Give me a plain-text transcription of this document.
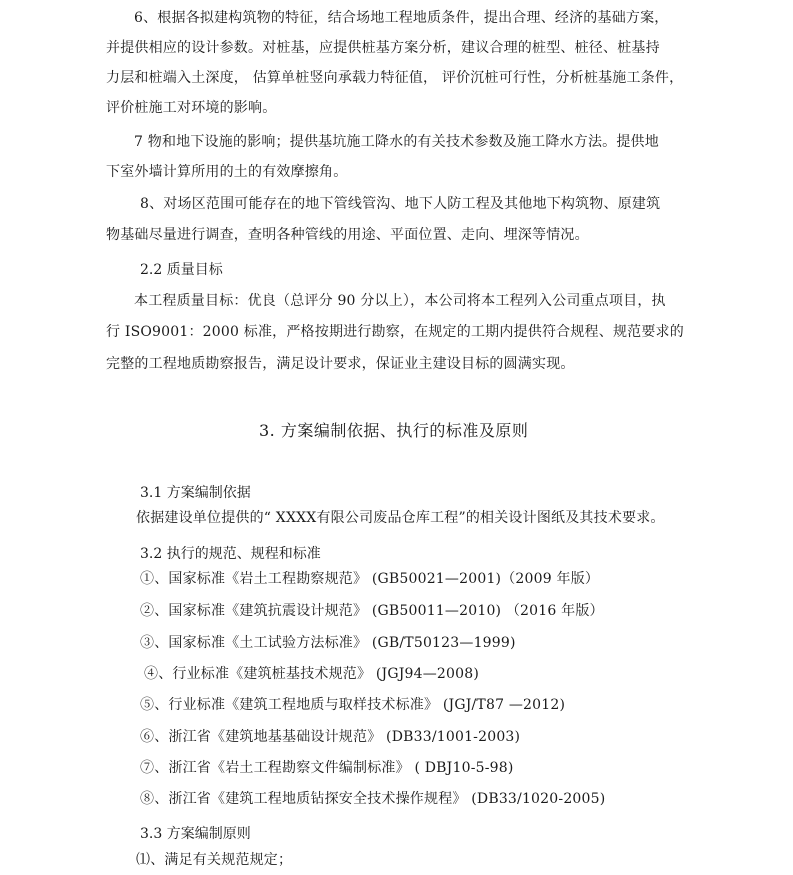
6、根据各拟建构筑物的特征，结合场地工程地质条件，提出合理、经济的基础方案，
并提供相应的设计参数。对桩基，应提供桩基方案分析，建议合理的桩型、桩径、桩基持
力层和桩端入土深度， 估算单桩竖向承载力特征值， 评价沉桩可行性，分析桩基施工条件，
评价桩施工对环境的影响。
7 物和地下设施的影响；提供基坑施工降水的有关技术参数及施工降水方法。提供地
下室外墙计算所用的土的有效摩擦角。
8、对场区范围可能存在的地下管线管沟、地下人防工程及其他地下构筑物、原建筑
物基础尽量进行调查，查明各种管线的用途、平面位置、走向、埋深等情况。
2.2 质量目标
本工程质量目标：优良（总评分 90 分以上），本公司将本工程列入公司重点项目，执
行 ISO9001：2000 标准，严格按期进行勘察，在规定的工期内提供符合规程、规范要求的
完整的工程地质勘察报告，满足设计要求，保证业主建设目标的圆满实现。
3. 方案编制依据、执行的标准及原则
3.1 方案编制依据
依据建设单位提供的“ XXXX有限公司废品仓库工程”的相关设计图纸及其技术要求。
3.2 执行的规范、规程和标准
①、国家标准《岩土工程勘察规范》 (GB50021—2001)（2009 年版）
②、国家标准《建筑抗震设计规范》 (GB50011—2010) （2016 年版）
③、国家标准《土工试验方法标准》 (GB/T50123—1999)
④、行业标准《建筑桩基技术规范》 (JGJ94—2008)
⑤、行业标准《建筑工程地质与取样技术标准》 (JGJ/T87 —2012)
⑥、浙江省《建筑地基基础设计规范》 (DB33/1001-2003)
⑦、浙江省《岩土工程勘察文件编制标准》 ( DBJ10-5-98)
⑧、浙江省《建筑工程地质钻探安全技术操作规程》 (DB33/1020-2005)
3.3 方案编制原则
⑴、满足有关规范规定；
